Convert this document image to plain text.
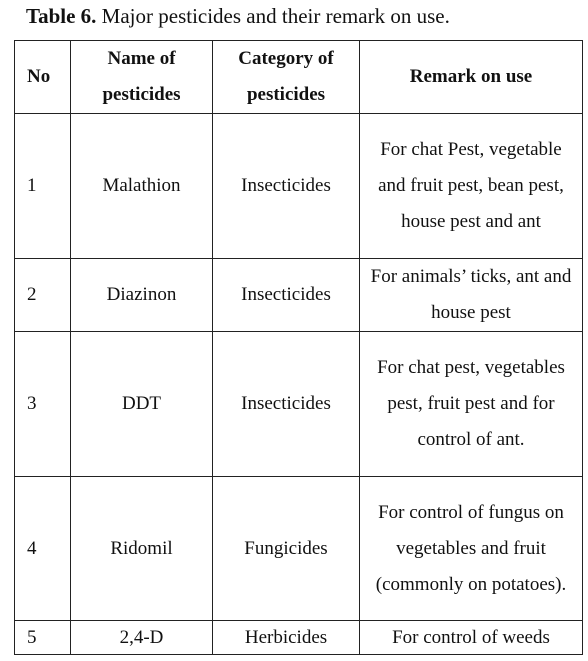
Table 6. Major pesticides and their remark on use.
No	Name of pesticides	Category of pesticides	Remark on use
1	Malathion	Insecticides	For chat Pest, vegetable and fruit pest, bean pest, house pest and ant
2	Diazinon	Insecticides	For animals’ ticks, ant and house pest
3	DDT	Insecticides	For chat pest, vegetables pest, fruit pest and for control of ant.
4	Ridomil	Fungicides	For control of fungus on vegetables and fruit (commonly on potatoes).
5	2,4-D	Herbicides	For control of weeds
